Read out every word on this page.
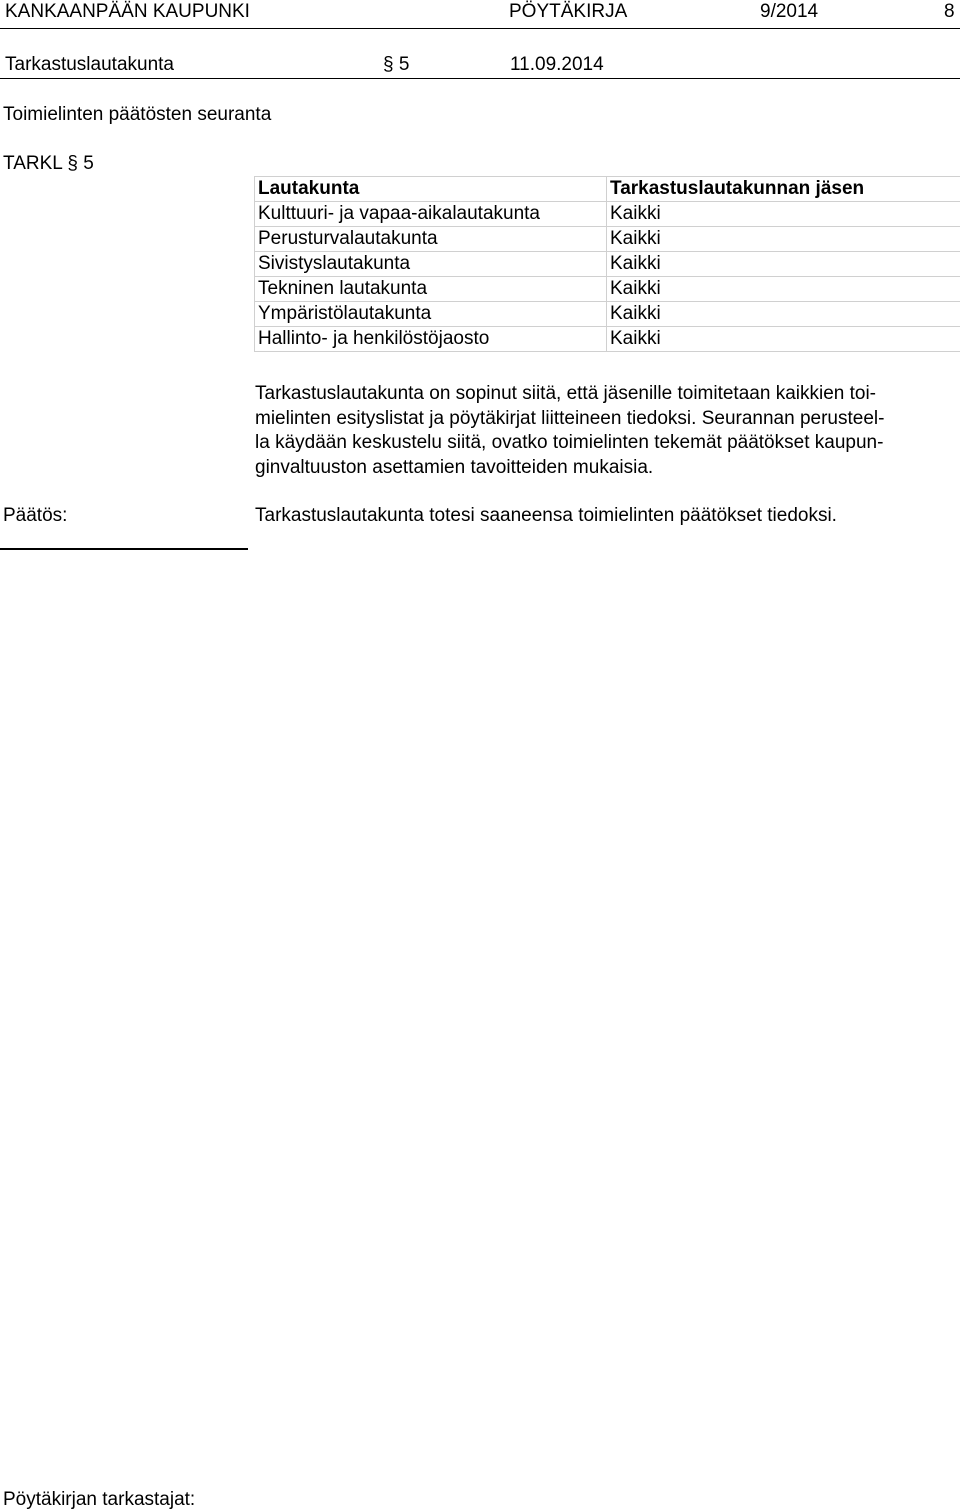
KANKAANPÄÄN KAUPUNKI	PÖYTÄKIRJA	9/2014	8
Tarkastuslautakunta	§ 5	11.09.2014
Toimielinten päätösten seuranta
TARKL § 5
Lautakunta	Tarkastuslautakunnan jäsen
Kulttuuri- ja vapaa-aikalautakunta	Kaikki
Perusturvalautakunta	Kaikki
Sivistyslautakunta	Kaikki
Tekninen lautakunta	Kaikki
Ympäristölautakunta	Kaikki
Hallinto- ja henkilöstöjaosto	Kaikki
Tarkastuslautakunta on sopinut siitä, että jäsenille toimitetaan kaikkien toi-
mielinten esityslistat ja pöytäkirjat liitteineen tiedoksi. Seurannan perusteel-
la käydään keskustelu siitä, ovatko toimielinten tekemät päätökset kaupun-
ginvaltuuston asettamien tavoitteiden mukaisia.
Päätös:	Tarkastuslautakunta totesi saaneensa toimielinten päätökset tiedoksi.
Pöytäkirjan tarkastajat:
